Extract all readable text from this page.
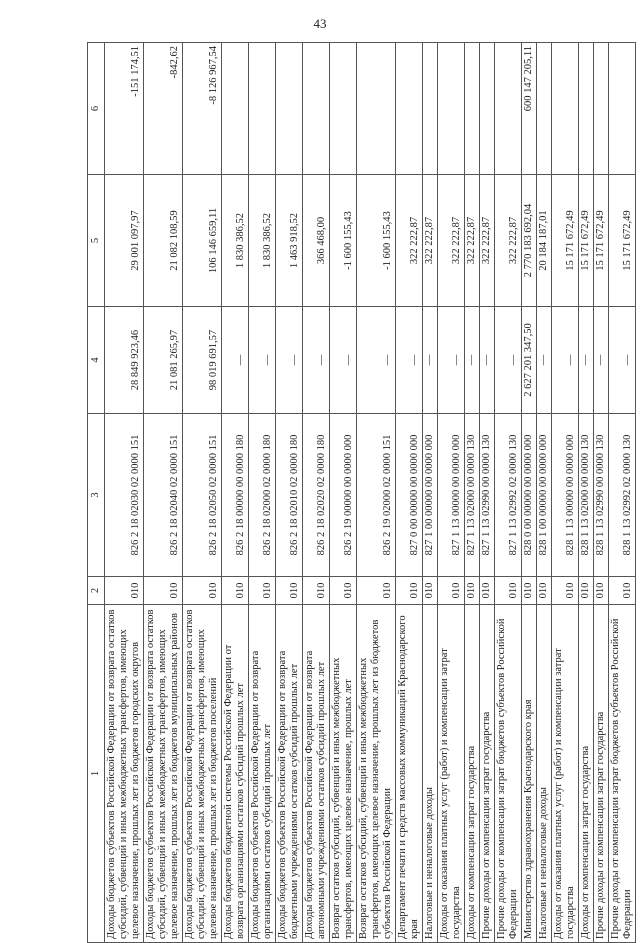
43
1	2	3	4	5	6
Доходы бюджетов субъектов Российской Федерации от возврата остатков субсидий, субвенций и иных межбюджетных трансфертов, имеющих целевое назначение, прошлых лет из бюджетов городских округов	010	826 2 18 02030 02 0000 151	28 849 923,46	29 001 097,97	-151 174,51
Доходы бюджетов субъектов Российской Федерации от возврата остатков субсидий, субвенций и иных межбюджетных трансфертов, имеющих целевое назначение, прошлых лет из бюджетов муниципальных районов	010	826 2 18 02040 02 0000 151	21 081 265,97	21 082 108,59	-842,62
Доходы бюджетов субъектов Российской Федерации от возврата остатков субсидий, субвенций и иных межбюджетных трансфертов, имеющих целевое назначение, прошлых лет из бюджетов поселений	010	826 2 18 02050 02 0000 151	98 019 691,57	106 146 659,11	-8 126 967,54
Доходы бюджетов бюджетной системы Российской Федерации от возврата организациями остатков субсидий прошлых лет	010	826 2 18 00000 00 0000 180	—	1 830 386,52	
Доходы бюджетов субъектов Российской Федерации от возврата организациями остатков субсидий прошлых лет	010	826 2 18 02000 02 0000 180	—	1 830 386,52	
Доходы бюджетов субъектов Российской Федерации от возврата бюджетными учреждениями остатков субсидий прошлых лет	010	826 2 18 02010 02 0000 180	—	1 463 918,52	
Доходы бюджетов субъектов Российской Федерации от возврата автономными учреждениями остатков субсидий прошлых лет	010	826 2 18 02020 02 0000 180	—	366 468,00	
Возврат остатков субсидий, субвенций и иных межбюджетных трансфертов, имеющих целевое назначение, прошлых лет	010	826 2 19 00000 00 0000 000	—	-1 600 155,43	
Возврат остатков субсидий, субвенций и иных межбюджетных трансфертов, имеющих целевое назначение, прошлых лет из бюджетов субъектов Российской Федерации	010	826 2 19 02000 02 0000 151	—	-1 600 155,43	
Департамент печати и средств массовых коммуникаций Краснодарского края	010	827 0 00 00000 00 0000 000	—	322 222,87	
Налоговые и неналоговые доходы	010	827 1 00 00000 00 0000 000	—	322 222,87	
Доходы от оказания платных услуг (работ) и компенсации затрат государства	010	827 1 13 00000 00 0000 000	—	322 222,87	
Доходы от компенсации затрат государства	010	827 1 13 02000 00 0000 130	—	322 222,87	
Прочие доходы от компенсации затрат государства	010	827 1 13 02990 00 0000 130	—	322 222,87	
Прочие доходы от компенсации затрат бюджетов субъектов Российской Федерации	010	827 1 13 02992 02 0000 130	—	322 222,87	
Министерство здравоохранения Краснодарского края	010	828 0 00 00000 00 0000 000	2 627 201 347,50	2 770 183 692,04	600 147 205,11
Налоговые и неналоговые доходы	010	828 1 00 00000 00 0000 000	—	20 184 187,01	
Доходы от оказания платных услуг (работ) и компенсации затрат государства	010	828 1 13 00000 00 0000 000	—	15 171 672,49	
Доходы от компенсации затрат государства	010	828 1 13 02000 00 0000 130	—	15 171 672,49	
Прочие доходы от компенсации затрат государства	010	828 1 13 02990 00 0000 130	—	15 171 672,49	
Прочие доходы от компенсации затрат бюджетов субъектов Российской Федерации	010	828 1 13 02992 02 0000 130	—	15 171 672,49	
